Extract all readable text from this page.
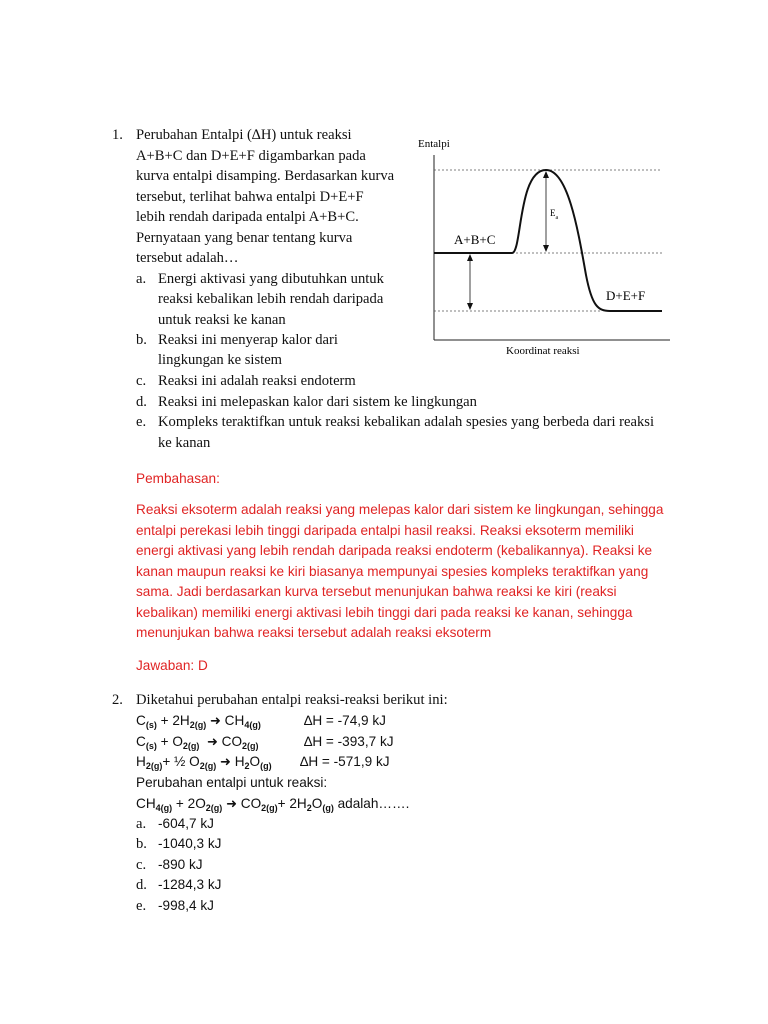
1. Perubahan Entalpi (∆H) untuk reaksi
A+B+C dan D+E+F digambarkan pada
kurva entalpi disamping. Berdasarkan kurva
tersebut, terlihat bahwa entalpi D+E+F
lebih rendah daripada entalpi A+B+C.
Pernyataan yang benar tentang kurva
tersebut adalah…
a. Energi aktivasi yang dibutuhkan untuk
reaksi kebalikan lebih rendah daripada
untuk reaksi ke kanan
b. Reaksi ini menyerap kalor dari
lingkungan ke sistem
c. Reaksi ini adalah reaksi endoterm
d. Reaksi ini melepaskan kalor dari sistem ke lingkungan
e. Kompleks teraktifkan untuk reaksi kebalikan adalah spesies yang berbeda dari reaksi
ke kanan
Entalpi
$E_a$
A+B+C
D+E+F
Koordinat reaksi
Pembahasan:
Reaksi eksoterm adalah reaksi yang melepas kalor dari sistem ke lingkungan, sehingga
entalpi perekasi lebih tinggi daripada entalpi hasil reaksi. Reaksi eksoterm memiliki
energi aktivasi yang lebih rendah daripada reaksi endoterm (kebalikannya). Reaksi ke
kanan maupun reaksi ke kiri biasanya mempunyai spesies kompleks teraktifkan yang
sama. Jadi berdasarkan kurva tersebut menunjukan bahwa reaksi ke kiri (reaksi
kebalikan) memiliki energi aktivasi lebih tinggi dari pada reaksi ke kanan, sehingga
menunjukan bahwa reaksi tersebut adalah reaksi eksoterm
Jawaban: D
2. Diketahui perubahan entalpi reaksi-reaksi berikut ini:
$C_{(s)} + 2H_{2(g)}$ ➜ $CH_{4(g)}$	∆H = -74,9 kJ
$C_{(s)} + O_{2(g)}$ ➜ $CO_{2(g)}$	∆H = -393,7 kJ
$H_{2(g)}+$ ½ $O_{2(g)}$ ➜ $H_2O_{(g)}$ ∆H = -571,9 kJ
Perubahan entalpi untuk reaksi:
$CH_{4(g)} + 2O_{2(g)}$ ➜ $CO_{2(g)}+ 2H_2O_{(g)}$ adalah…….
a. -604,7 kJ
b. -1040,3 kJ
c. -890 kJ
d. -1284,3 kJ
e. -998,4 kJ
